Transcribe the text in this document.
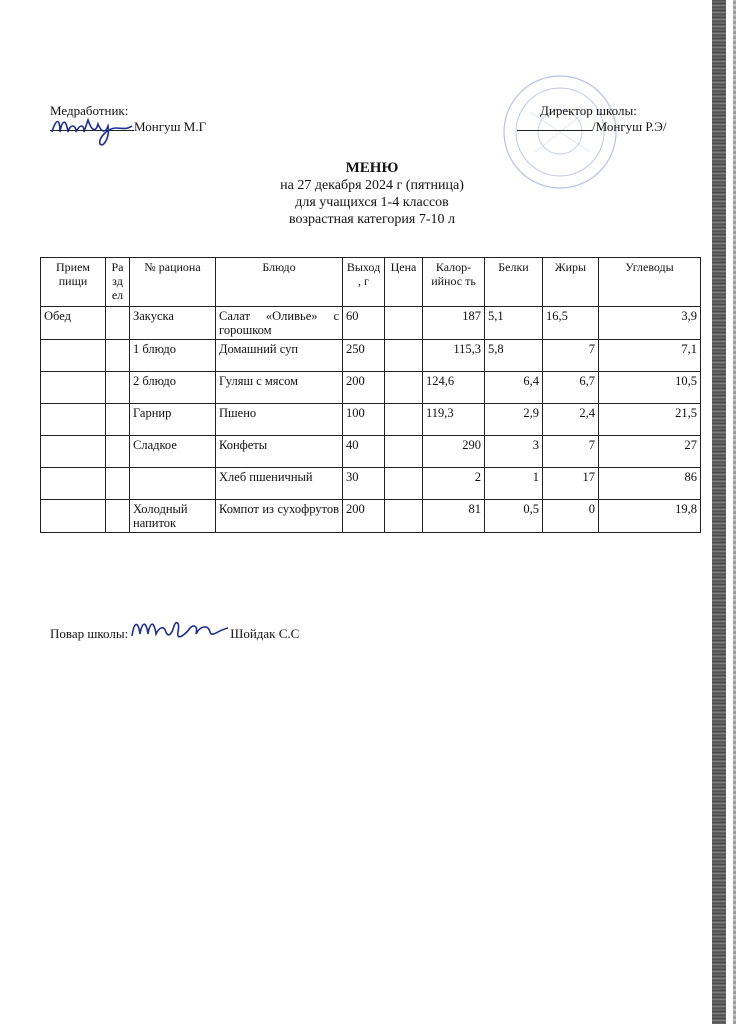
Медработник:
Монгуш М.Г
Директор школы:
/Монгуш Р.Э/
МЕНЮ
на 27 декабря 2024 г (пятница)
для учащихся 1-4 классов
возрастная категория 7-10 л
Прием пищи	Ра зд ел	№ рациона	Блюдо	Выход , г	Цена	Калор-ийнос ть	Белки	Жиры	Углеводы
Обед		Закуска	Салат «Оливье» с горошком	60		187	5,1	16,5	3,9
		1 блюдо	Домашний суп	250		115,3	5,8	7	7,1
		2 блюдо	Гуляш с мясом	200		124,6	6,4	6,7	10,5
		Гарнир	Пшено	100		119,3	2,9	2,4	21,5
		Сладкое	Конфеты	40		290	3	7	27
			Хлеб пшеничный	30		2	1	17	86
		Холодный напиток	Компот из сухофрутов	200		81	0,5	0	19,8
Повар школы:	Шойдак С.С
